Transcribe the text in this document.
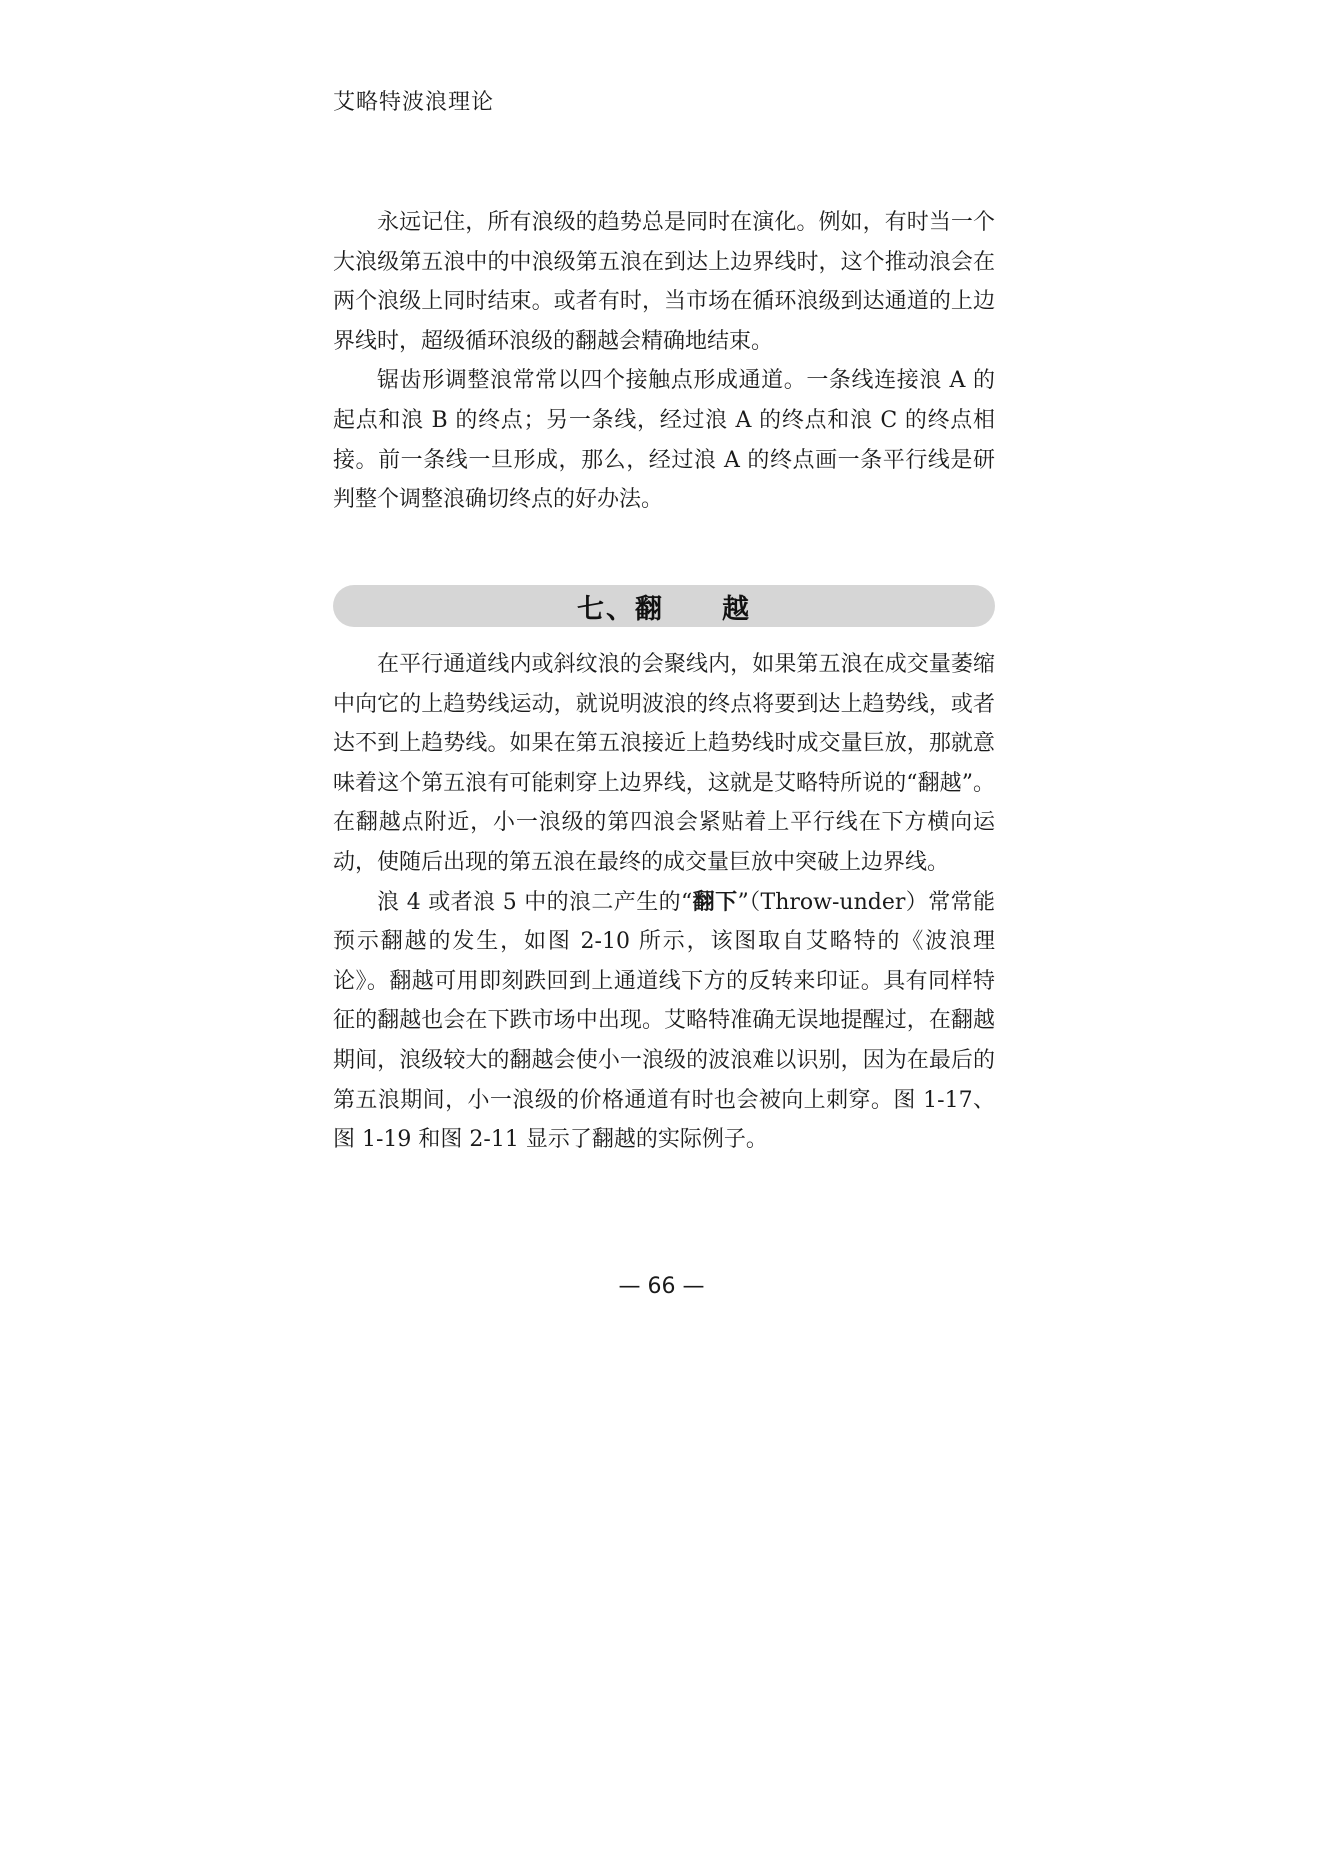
艾略特波浪理论

永远记住，所有浪级的趋势总是同时在演化。例如，有时当一个大浪级第五浪中的中浪级第五浪在到达上边界线时，这个推动浪会在两个浪级上同时结束。或者有时，当市场在循环浪级到达通道的上边界线时，超级循环浪级的翻越会精确地结束。

锯齿形调整浪常常以四个接触点形成通道。一条线连接浪 A 的起点和浪 B 的终点；另一条线，经过浪 A 的终点和浪 C 的终点相接。前一条线一旦形成，那么，经过浪 A 的终点画一条平行线是研判整个调整浪确切终点的好办法。

七、翻　　越

在平行通道线内或斜纹浪的会聚线内，如果第五浪在成交量萎缩中向它的上趋势线运动，就说明波浪的终点将要到达上趋势线，或者达不到上趋势线。如果在第五浪接近上趋势线时成交量巨放，那就意味着这个第五浪有可能刺穿上边界线，这就是艾略特所说的“翻越”。在翻越点附近，小一浪级的第四浪会紧贴着上平行线在下方横向运动，使随后出现的第五浪在最终的成交量巨放中突破上边界线。

浪 4 或者浪 5 中的浪二产生的“翻下”（Throw-under）常常能预示翻越的发生，如图 2-10 所示，该图取自艾略特的《波浪理论》。翻越可用即刻跌回到上通道线下方的反转来印证。具有同样特征的翻越也会在下跌市场中出现。艾略特准确无误地提醒过，在翻越期间，浪级较大的翻越会使小一浪级的波浪难以识别，因为在最后的第五浪期间，小一浪级的价格通道有时也会被向上刺穿。图 1-17、图 1-19 和图 2-11 显示了翻越的实际例子。

— 66 —
